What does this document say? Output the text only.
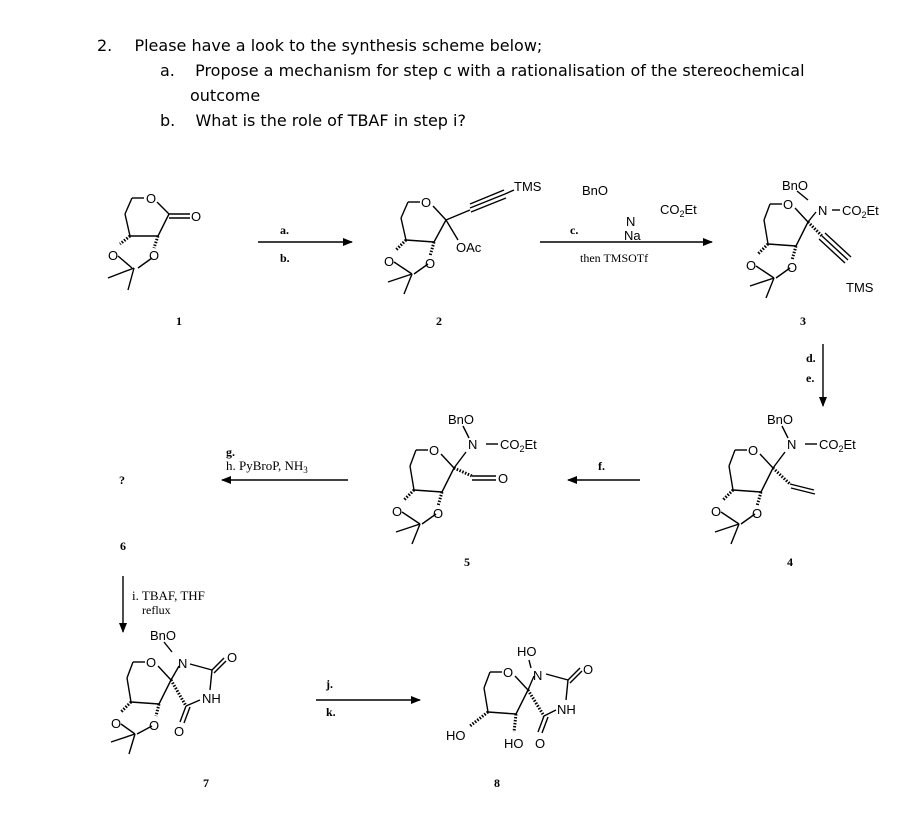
2. Please have a look to the synthesis scheme below;
a. Propose a mechanism for step c with a rationalisation of the stereochemical
outcome
b. What is the role of TBAF in step i?
O
O
O O
O
TMS
OAc
O O
BnO
N
Na
$CO_2Et$
BnO
O N $CO_2Et$
TMS
O O
BnO
O N $CO_2Et$
O
O O
BnO
O N $CO_2Et$
O O
BnO
O N	O
NH
O
O O
HO
O N	O
NH
HO
HO O
1	2	3
4
5
?
6
7	8
a.
b.
c.
then TMSOTf
d.
e.
f.
g.
h. PyBroP, $NH_3$
i. TBAF, THF
reflux
j.
k.
